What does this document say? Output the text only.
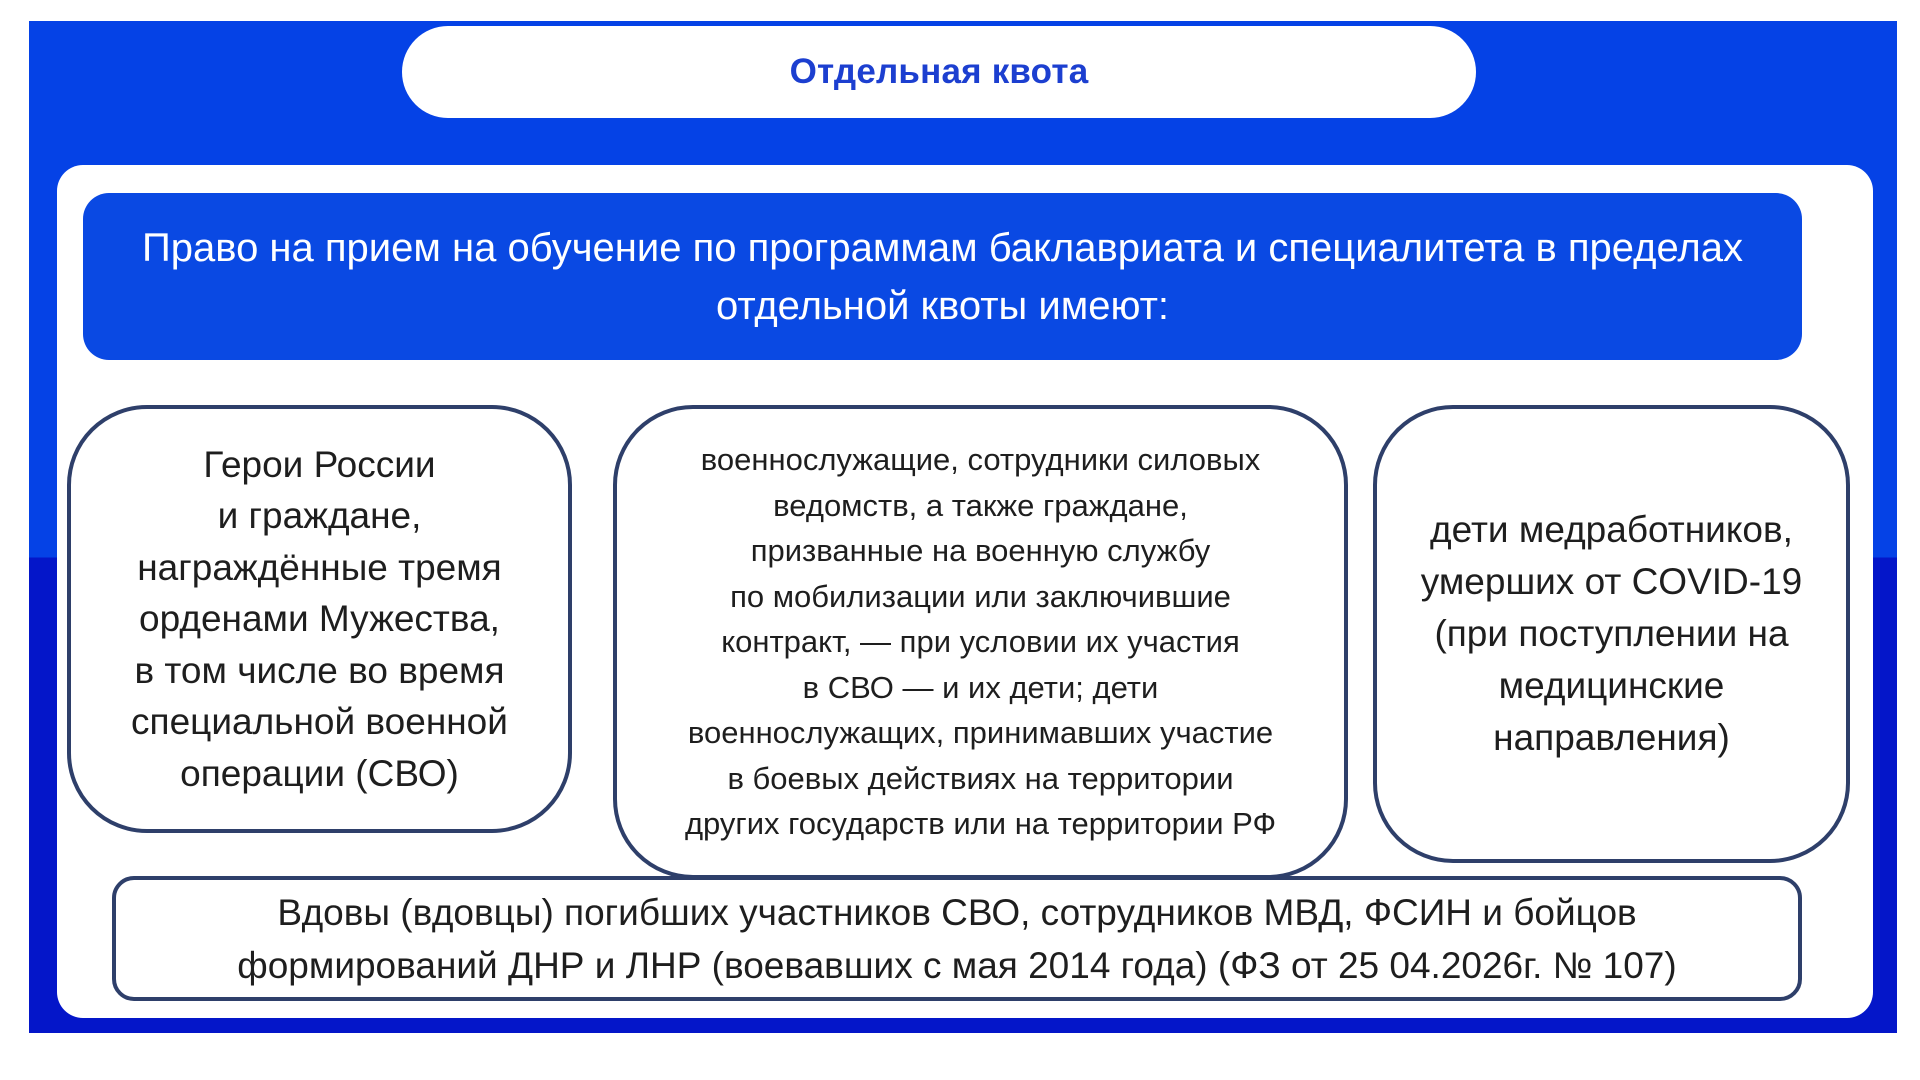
Отдельная квота
Право на прием на обучение по программам баклавриата и специалитета в пределах отдельной квоты имеют:
Герои России
и граждане,
награждённые тремя
орденами Мужества,
в том числе во время
специальной военной
операции (СВО)
военнослужащие, сотрудники силовых
ведомств, а также граждане,
призванные на военную службу
по мобилизации или заключившие
контракт, — при условии их участия
в СВО — и их дети; дети
военнослужащих, принимавших участие
в боевых действиях на территории
других государств или на территории РФ
дети медработников,
умерших от COVID-19
(при поступлении на
медицинские
направления)
Вдовы (вдовцы) погибших участников СВО, сотрудников МВД, ФСИН и бойцов
формирований ДНР и ЛНР (воевавших с мая 2014 года) (ФЗ от 25 04.2026г. № 107)
